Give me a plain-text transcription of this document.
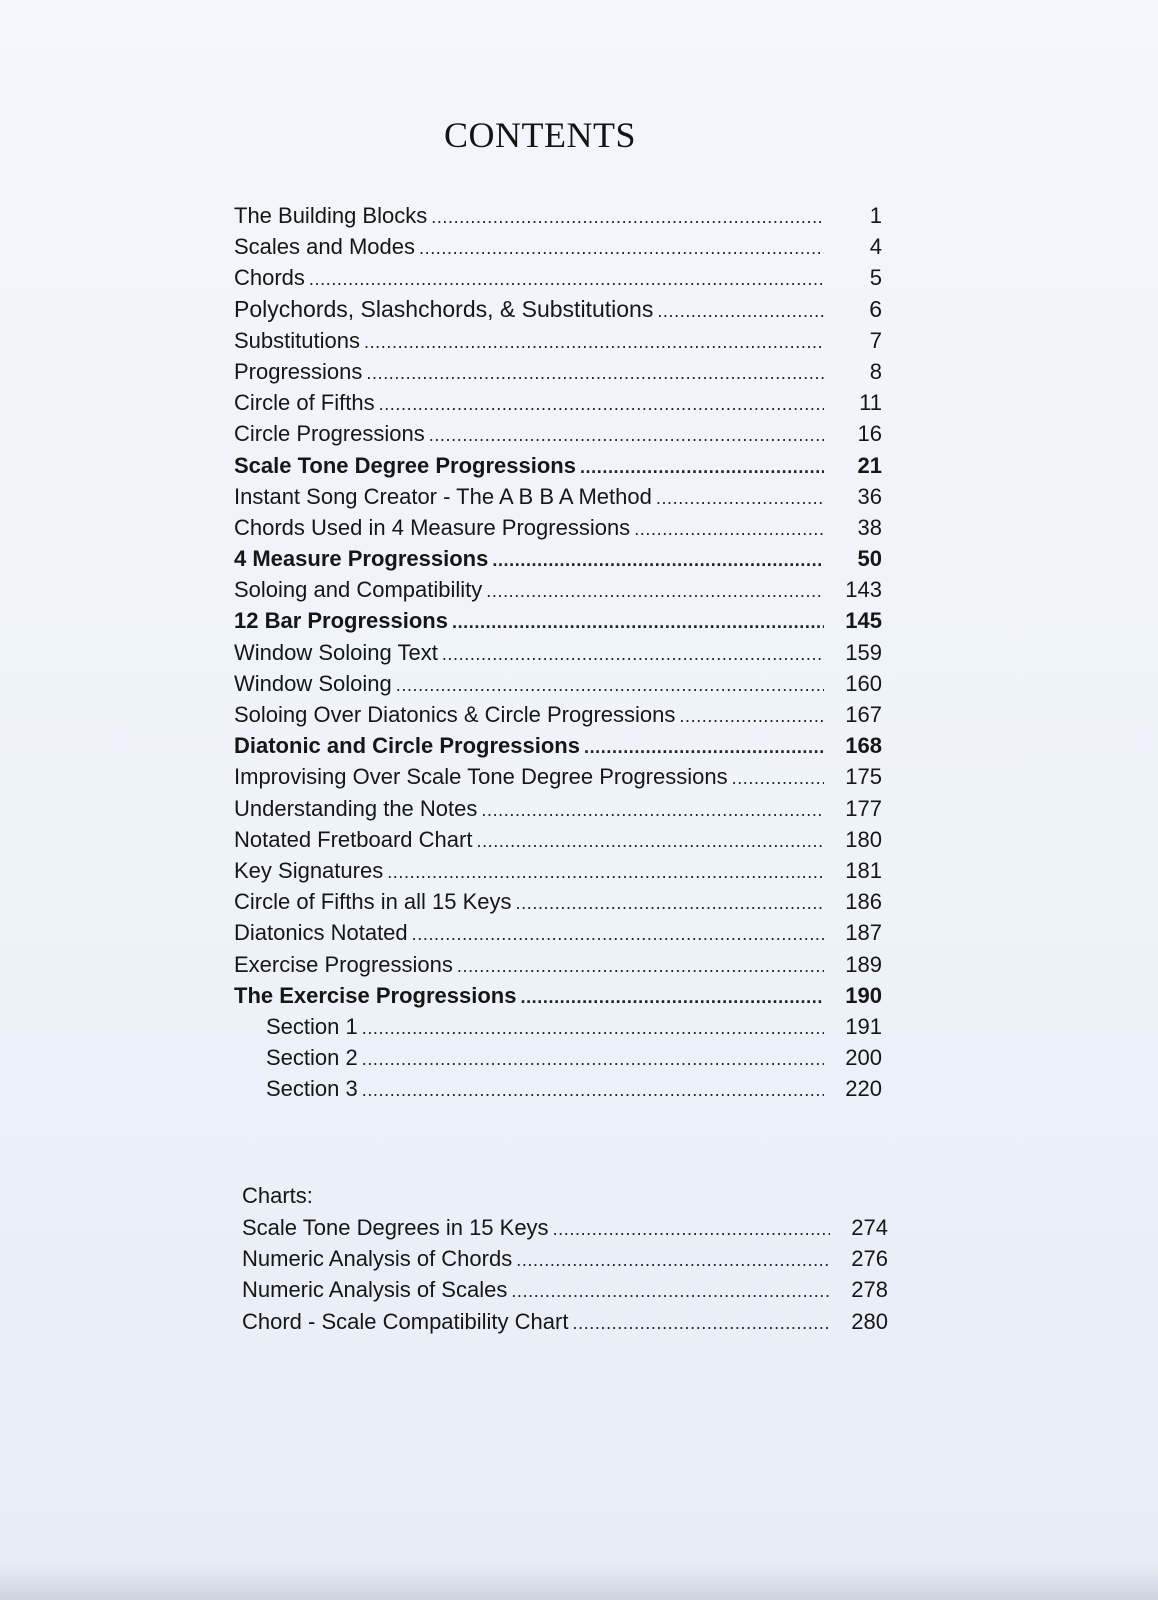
CONTENTS
The Building Blocks .....	1
Scales and Modes .....	4
Chords .....	5
Polychords, Slashchords, & Substitutions .....	6
Substitutions .....	7
Progressions .....	8
Circle of Fifths .....	11
Circle Progressions .....	16
Scale Tone Degree Progressions .....	21
Instant Song Creator - The A B B A Method .....	36
Chords Used in 4 Measure Progressions .....	38
4 Measure Progressions .....	50
Soloing and Compatibility .....	143
12 Bar Progressions .....	145
Window Soloing Text .....	159
Window Soloing .....	160
Soloing Over Diatonics & Circle Progressions .....	167
Diatonic and Circle Progressions .....	168
Improvising Over Scale Tone Degree Progressions .....	175
Understanding the Notes .....	177
Notated Fretboard Chart .....	180
Key Signatures .....	181
Circle of Fifths in all 15 Keys .....	186
Diatonics Notated .....	187
Exercise Progressions .....	189
The Exercise Progressions .....	190
Section 1 .....	191
Section 2 .....	200
Section 3 .....	220
Charts:
Scale Tone Degrees in 15 Keys .....	274
Numeric Analysis of Chords .....	276
Numeric Analysis of Scales .....	278
Chord - Scale Compatibility Chart .....	280
